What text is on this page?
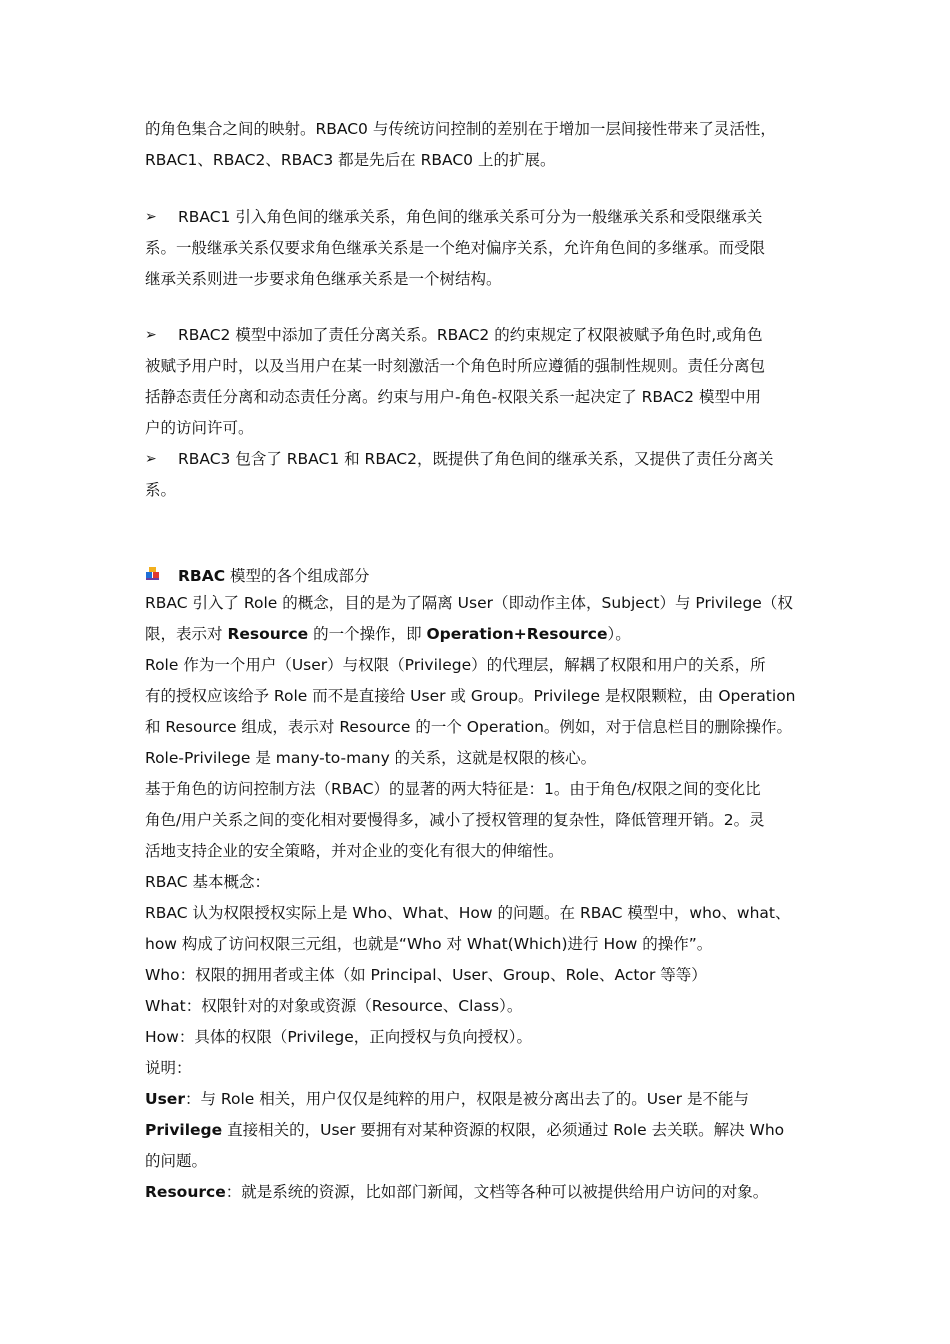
的角色集合之间的映射。RBAC0 与传统访问控制的差别在于增加一层间接性带来了灵活性，
RBAC1、RBAC2、RBAC3 都是先后在 RBAC0 上的扩展。
➢ RBAC1 引入角色间的继承关系，角色间的继承关系可分为一般继承关系和受限继承关
系。一般继承关系仅要求角色继承关系是一个绝对偏序关系，允许角色间的多继承。而受限
继承关系则进一步要求角色继承关系是一个树结构。
➢ RBAC2 模型中添加了责任分离关系。RBAC2 的约束规定了权限被赋予角色时,或角色
被赋予用户时，以及当用户在某一时刻激活一个角色时所应遵循的强制性规则。责任分离包
括静态责任分离和动态责任分离。约束与用户-角色-权限关系一起决定了 RBAC2 模型中用
户的访问许可。
➢ RBAC3 包含了 RBAC1 和 RBAC2，既提供了角色间的继承关系，又提供了责任分离关
系。
RBAC 模型的各个组成部分
RBAC 引入了 Role 的概念，目的是为了隔离 User（即动作主体，Subject）与 Privilege（权
限，表示对 Resource 的一个操作，即 Operation+Resource）。
Role 作为一个用户（User）与权限（Privilege）的代理层，解耦了权限和用户的关系，所
有的授权应该给予 Role 而不是直接给 User 或 Group。Privilege 是权限颗粒，由 Operation
和 Resource 组成，表示对 Resource 的一个 Operation。例如，对于信息栏目的删除操作。
Role-Privilege 是 many-to-many 的关系，这就是权限的核心。
基于角色的访问控制方法（RBAC）的显著的两大特征是：1。由于角色/权限之间的变化比
角色/用户关系之间的变化相对要慢得多，减小了授权管理的复杂性，降低管理开销。2。灵
活地支持企业的安全策略，并对企业的变化有很大的伸缩性。
RBAC 基本概念：
RBAC 认为权限授权实际上是 Who、What、How 的问题。在 RBAC 模型中，who、what、
how 构成了访问权限三元组，也就是“Who 对 What(Which)进行 How 的操作”。
Who：权限的拥用者或主体（如 Principal、User、Group、Role、Actor 等等）
What：权限针对的对象或资源（Resource、Class）。
How：具体的权限（Privilege，正向授权与负向授权）。
说明：
User：与 Role 相关，用户仅仅是纯粹的用户，权限是被分离出去了的。User 是不能与
Privilege 直接相关的，User 要拥有对某种资源的权限，必须通过 Role 去关联。解决 Who
的问题。
Resource：就是系统的资源，比如部门新闻，文档等各种可以被提供给用户访问的对象。
